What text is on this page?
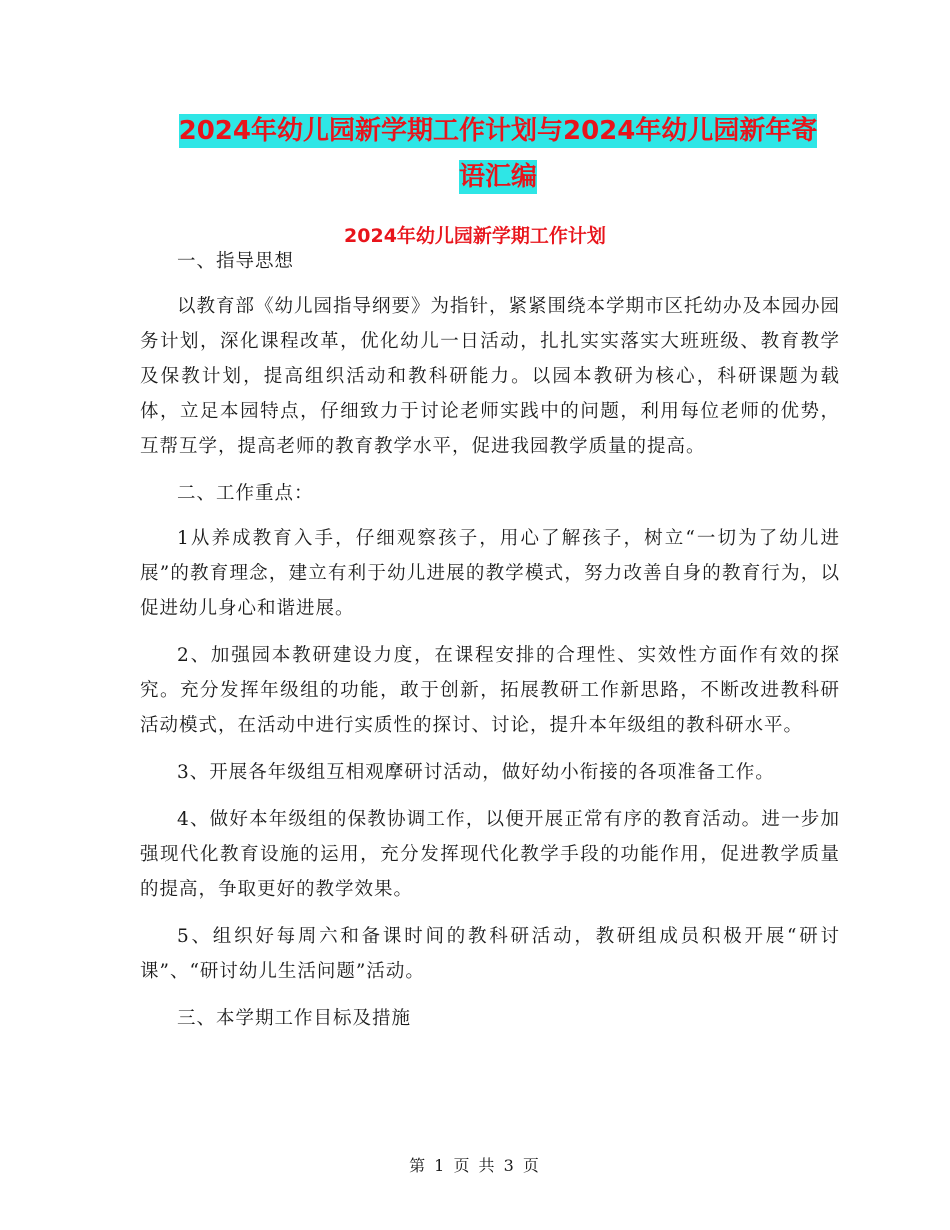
2024年幼儿园新学期工作计划与2024年幼儿园新年寄
语汇编
2024年幼儿园新学期工作计划

一、指导思想

以教育部《幼儿园指导纲要》为指针，紧紧围绕本学期市区托幼办及本园办园务计划，深化课程改革，优化幼儿一日活动，扎扎实实落实大班班级、教育教学及保教计划，提高组织活动和教科研能力。以园本教研为核心，科研课题为载体，立足本园特点，仔细致力于讨论老师实践中的问题，利用每位老师的优势，互帮互学，提高老师的教育教学水平，促进我园教学质量的提高。

二、工作重点：

1从养成教育入手，仔细观察孩子，用心了解孩子，树立“一切为了幼儿进展”的教育理念，建立有利于幼儿进展的教学模式，努力改善自身的教育行为，以促进幼儿身心和谐进展。

2、加强园本教研建设力度，在课程安排的合理性、实效性方面作有效的探究。充分发挥年级组的功能，敢于创新，拓展教研工作新思路，不断改进教科研活动模式，在活动中进行实质性的探讨、讨论，提升本年级组的教科研水平。

3、开展各年级组互相观摩研讨活动，做好幼小衔接的各项准备工作。

4、做好本年级组的保教协调工作，以便开展正常有序的教育活动。进一步加强现代化教育设施的运用，充分发挥现代化教学手段的功能作用，促进教学质量的提高，争取更好的教学效果。

5、组织好每周六和备课时间的教科研活动，教研组成员积极开展“研讨课”、“研讨幼儿生活问题”活动。

三、本学期工作目标及措施

第 1 页 共 3 页
